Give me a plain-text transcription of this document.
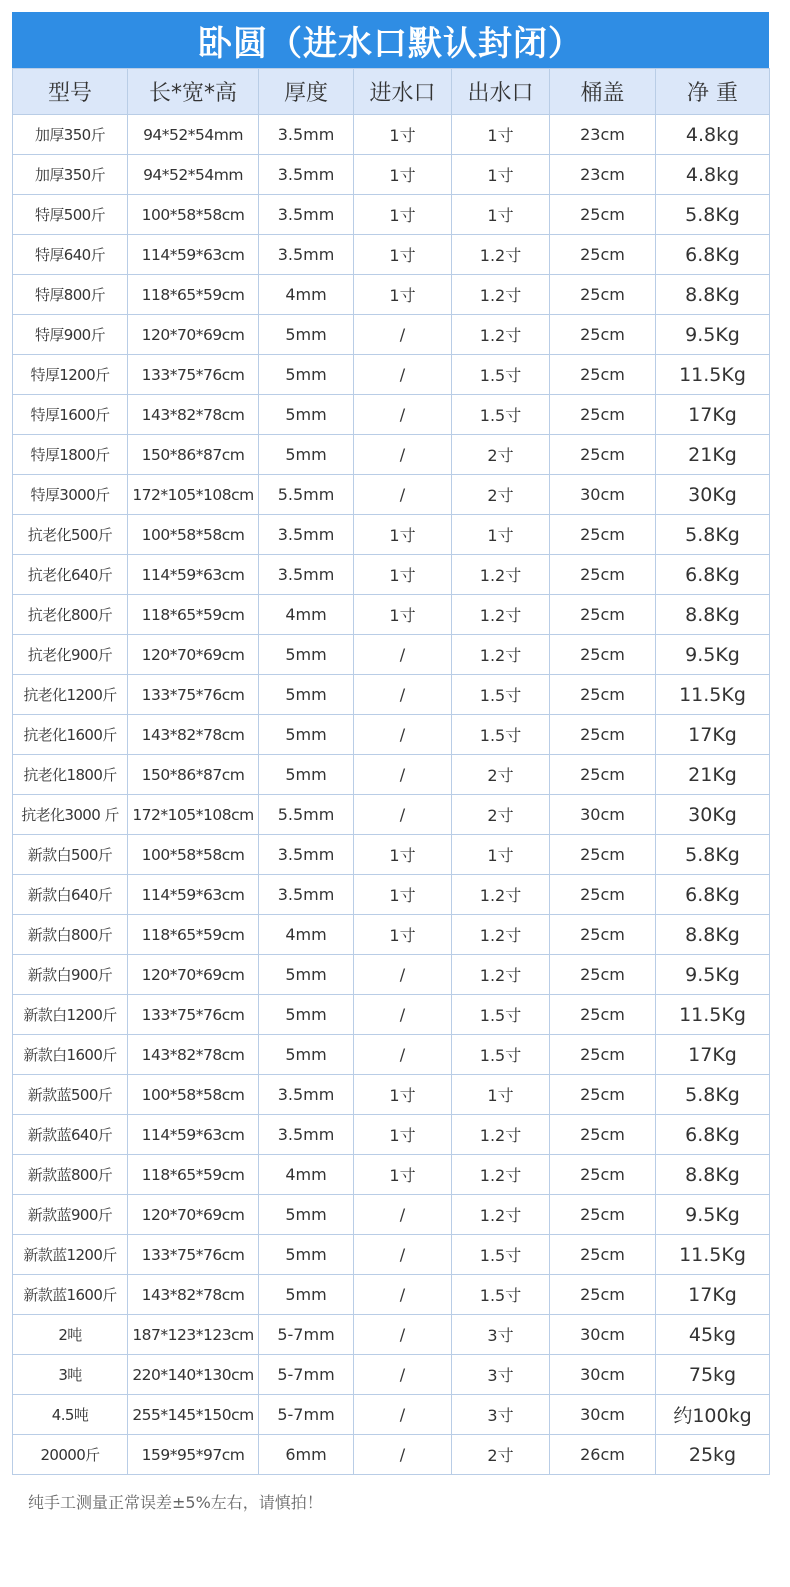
卧圆（进水口默认封闭）
型号	长*宽*高	厚度	进水口	出水口	桶盖	净 重
加厚350斤	94*52*54mm	3.5mm	1寸	1寸	23cm	4.8kg
加厚350斤	94*52*54mm	3.5mm	1寸	1寸	23cm	4.8kg
特厚500斤	100*58*58cm	3.5mm	1寸	1寸	25cm	5.8Kg
特厚640斤	114*59*63cm	3.5mm	1寸	1.2寸	25cm	6.8Kg
特厚800斤	118*65*59cm	4mm	1寸	1.2寸	25cm	8.8Kg
特厚900斤	120*70*69cm	5mm	/	1.2寸	25cm	9.5Kg
特厚1200斤	133*75*76cm	5mm	/	1.5寸	25cm	11.5Kg
特厚1600斤	143*82*78cm	5mm	/	1.5寸	25cm	17Kg
特厚1800斤	150*86*87cm	5mm	/	2寸	25cm	21Kg
特厚3000斤	172*105*108cm	5.5mm	/	2寸	30cm	30Kg
抗老化500斤	100*58*58cm	3.5mm	1寸	1寸	25cm	5.8Kg
抗老化640斤	114*59*63cm	3.5mm	1寸	1.2寸	25cm	6.8Kg
抗老化800斤	118*65*59cm	4mm	1寸	1.2寸	25cm	8.8Kg
抗老化900斤	120*70*69cm	5mm	/	1.2寸	25cm	9.5Kg
抗老化1200斤	133*75*76cm	5mm	/	1.5寸	25cm	11.5Kg
抗老化1600斤	143*82*78cm	5mm	/	1.5寸	25cm	17Kg
抗老化1800斤	150*86*87cm	5mm	/	2寸	25cm	21Kg
抗老化3000 斤	172*105*108cm	5.5mm	/	2寸	30cm	30Kg
新款白500斤	100*58*58cm	3.5mm	1寸	1寸	25cm	5.8Kg
新款白640斤	114*59*63cm	3.5mm	1寸	1.2寸	25cm	6.8Kg
新款白800斤	118*65*59cm	4mm	1寸	1.2寸	25cm	8.8Kg
新款白900斤	120*70*69cm	5mm	/	1.2寸	25cm	9.5Kg
新款白1200斤	133*75*76cm	5mm	/	1.5寸	25cm	11.5Kg
新款白1600斤	143*82*78cm	5mm	/	1.5寸	25cm	17Kg
新款蓝500斤	100*58*58cm	3.5mm	1寸	1寸	25cm	5.8Kg
新款蓝640斤	114*59*63cm	3.5mm	1寸	1.2寸	25cm	6.8Kg
新款蓝800斤	118*65*59cm	4mm	1寸	1.2寸	25cm	8.8Kg
新款蓝900斤	120*70*69cm	5mm	/	1.2寸	25cm	9.5Kg
新款蓝1200斤	133*75*76cm	5mm	/	1.5寸	25cm	11.5Kg
新款蓝1600斤	143*82*78cm	5mm	/	1.5寸	25cm	17Kg
2吨	187*123*123cm	5-7mm	/	3寸	30cm	45kg
3吨	220*140*130cm	5-7mm	/	3寸	30cm	75kg
4.5吨	255*145*150cm	5-7mm	/	3寸	30cm	约100kg
20000斤	159*95*97cm	6mm	/	2寸	26cm	25kg
纯手工测量正常误差±5%左右，请慎拍！
